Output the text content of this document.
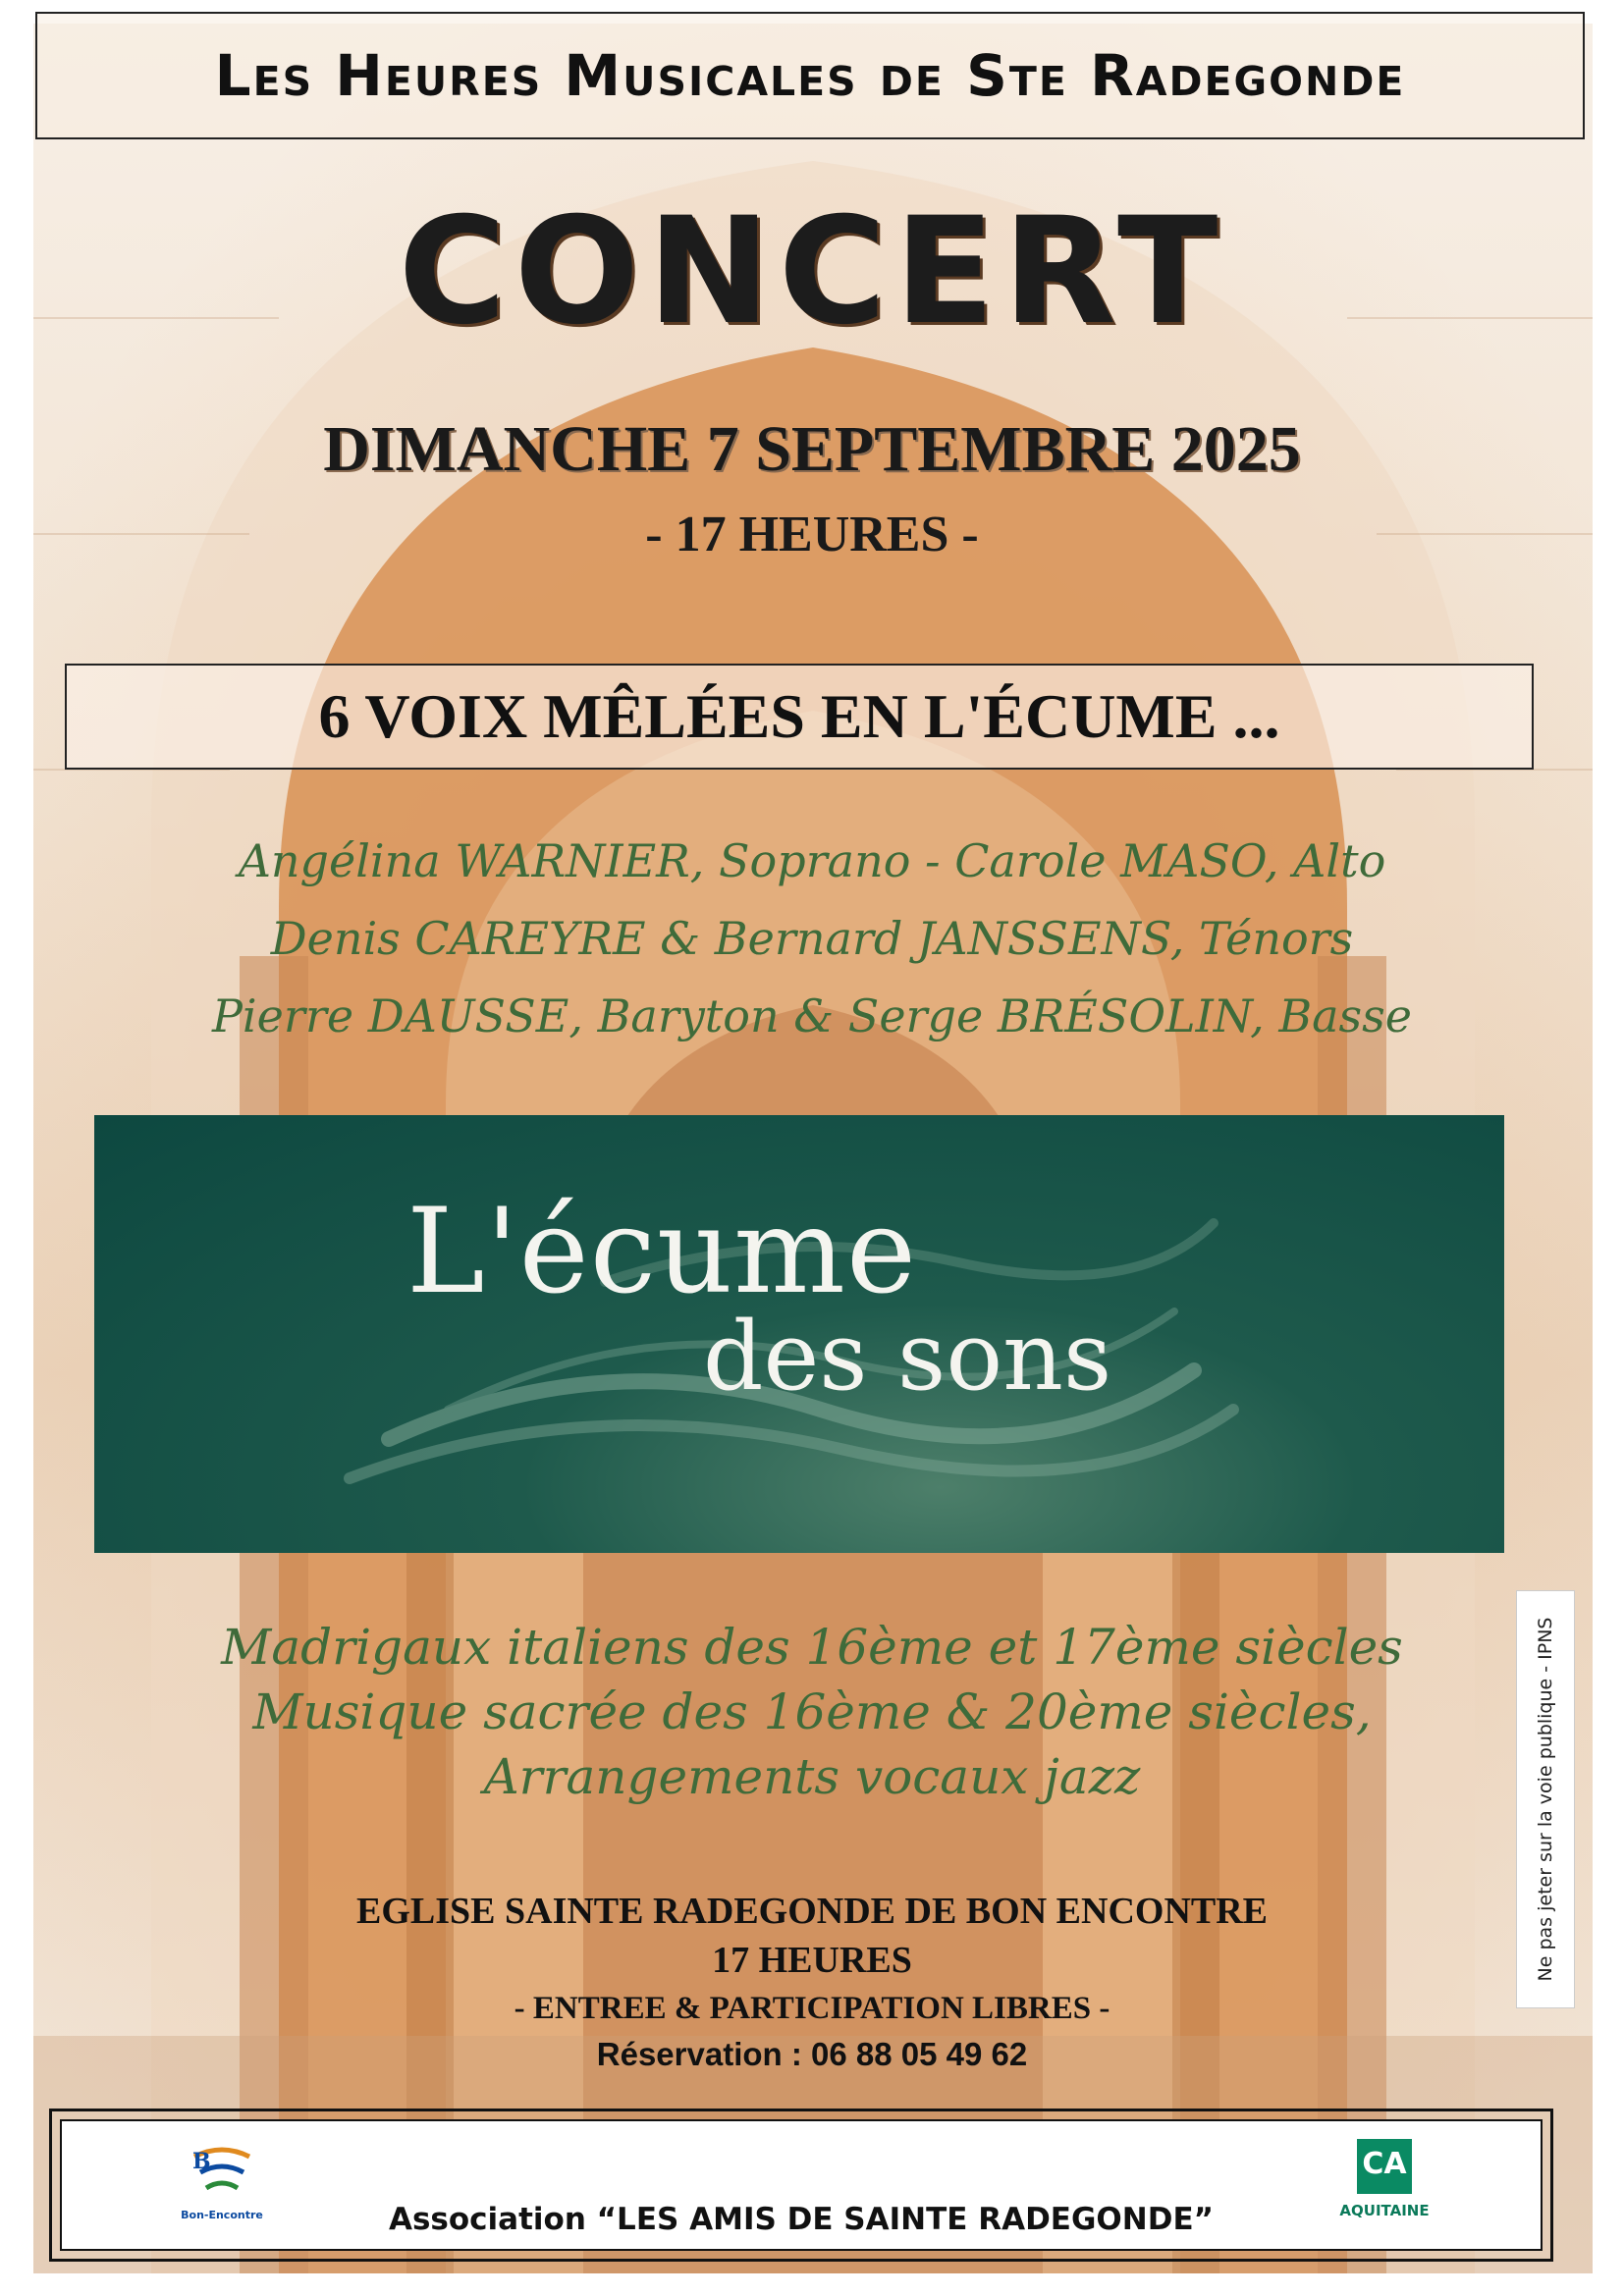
Les Heures Musicales de Ste Radegonde
CONCERT
DIMANCHE 7 SEPTEMBRE 2025
- 17 HEURES -
6 VOIX MÊLÉES EN L'ÉCUME ...
Angélina WARNIER, Soprano - Carole MASO, Alto
Denis CAREYRE & Bernard JANSSENS, Ténors
Pierre DAUSSE, Baryton & Serge BRÉSOLIN, Basse
L'écume
des sons
Madrigaux italiens des 16ème et 17ème siècles
Musique sacrée des 16ème & 20ème siècles,
Arrangements vocaux jazz
EGLISE SAINTE RADEGONDE DE BON ENCONTRE
17 HEURES
- ENTREE & PARTICIPATION LIBRES -
Réservation : 06 88 05 49 62
Ne pas jeter sur la voie publique - IPNS
B
Bon-Encontre	Association “LES AMIS DE SAINTE RADEGONDE”
CA
AQUITAINE
